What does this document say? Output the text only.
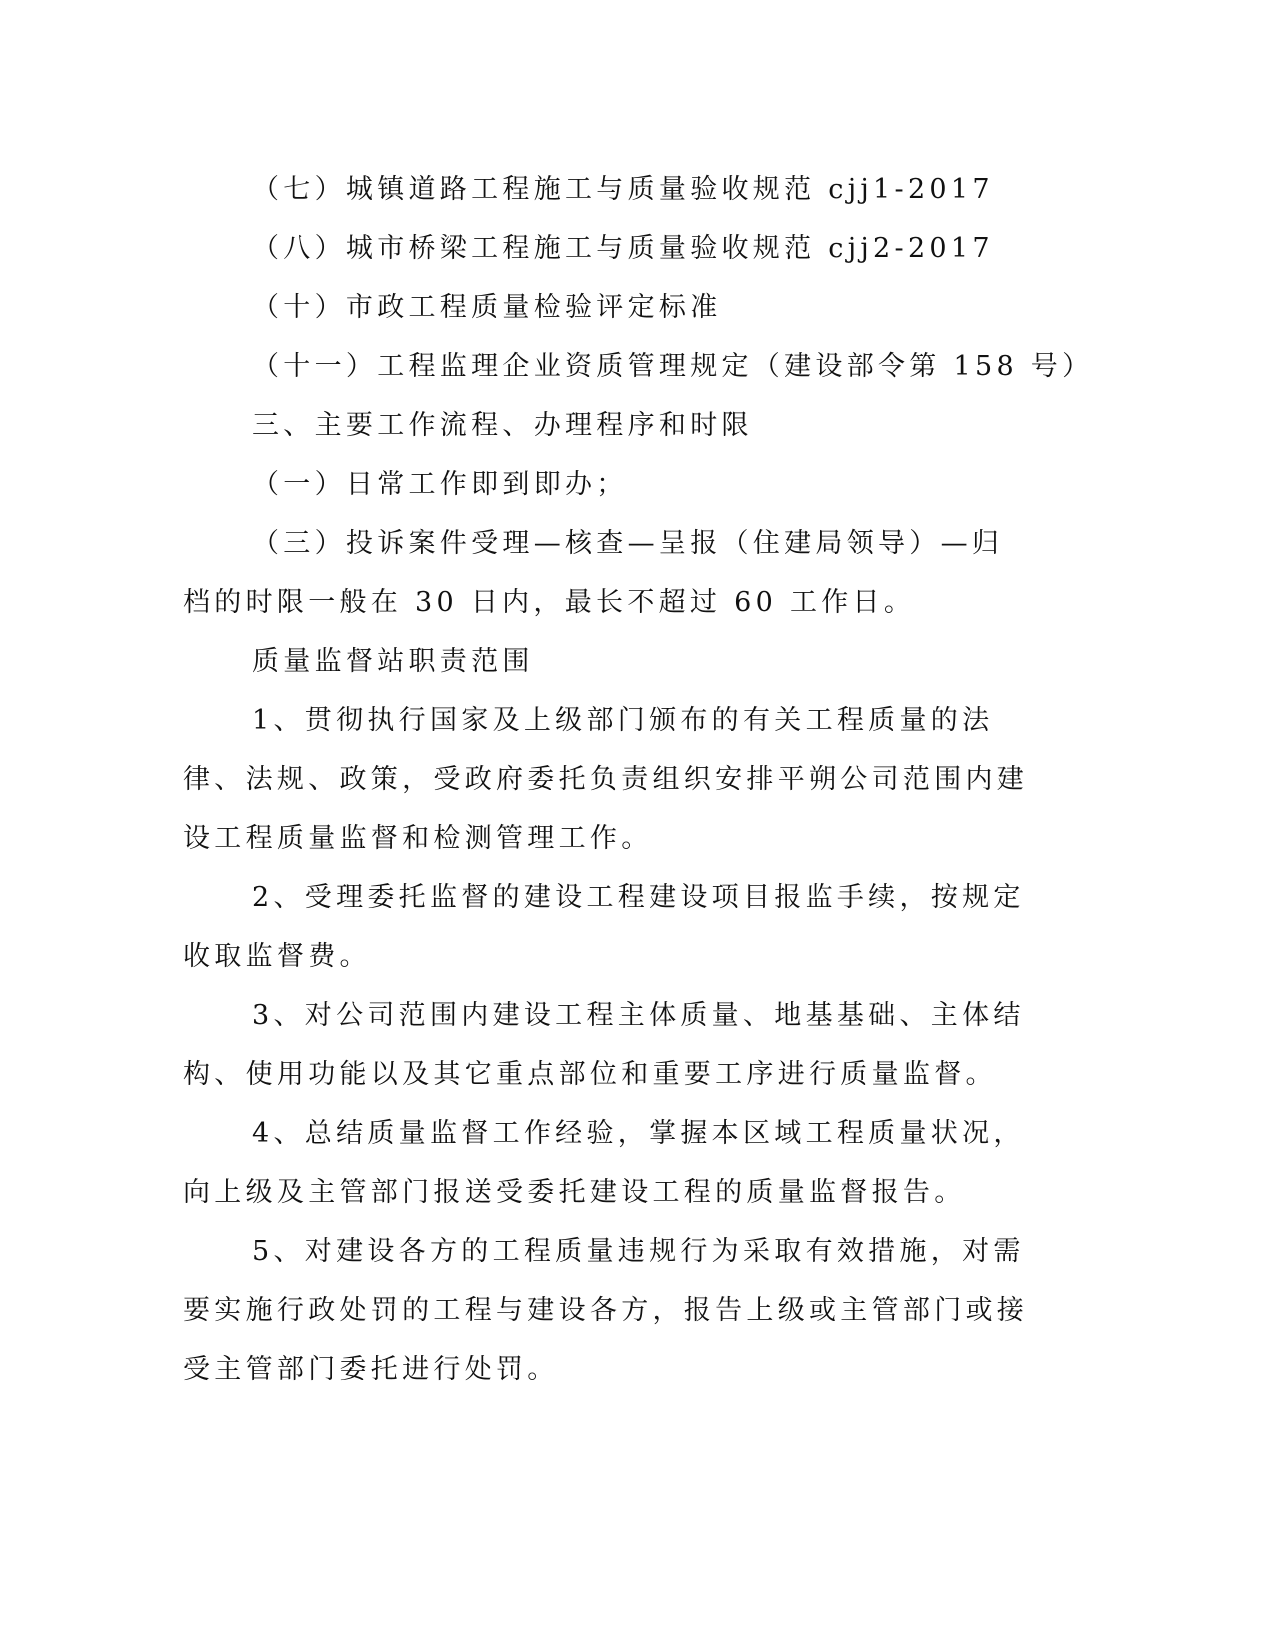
（七）城镇道路工程施工与质量验收规范 cjj1-2017

（八）城市桥梁工程施工与质量验收规范 cjj2-2017

（十）市政工程质量检验评定标准

（十一）工程监理企业资质管理规定（建设部令第 158 号）

三、主要工作流程、办理程序和时限

（一）日常工作即到即办；

（三）投诉案件受理—核查—呈报（住建局领导）—归档的时限一般在 30 日内，最长不超过 60 工作日。

质量监督站职责范围

1、贯彻执行国家及上级部门颁布的有关工程质量的法律、法规、政策，受政府委托负责组织安排平朔公司范围内建设工程质量监督和检测管理工作。

2、受理委托监督的建设工程建设项目报监手续，按规定收取监督费。

3、对公司范围内建设工程主体质量、地基基础、主体结构、使用功能以及其它重点部位和重要工序进行质量监督。

4、总结质量监督工作经验，掌握本区域工程质量状况，向上级及主管部门报送受委托建设工程的质量监督报告。

5、对建设各方的工程质量违规行为采取有效措施，对需要实施行政处罚的工程与建设各方，报告上级或主管部门或接受主管部门委托进行处罚。
